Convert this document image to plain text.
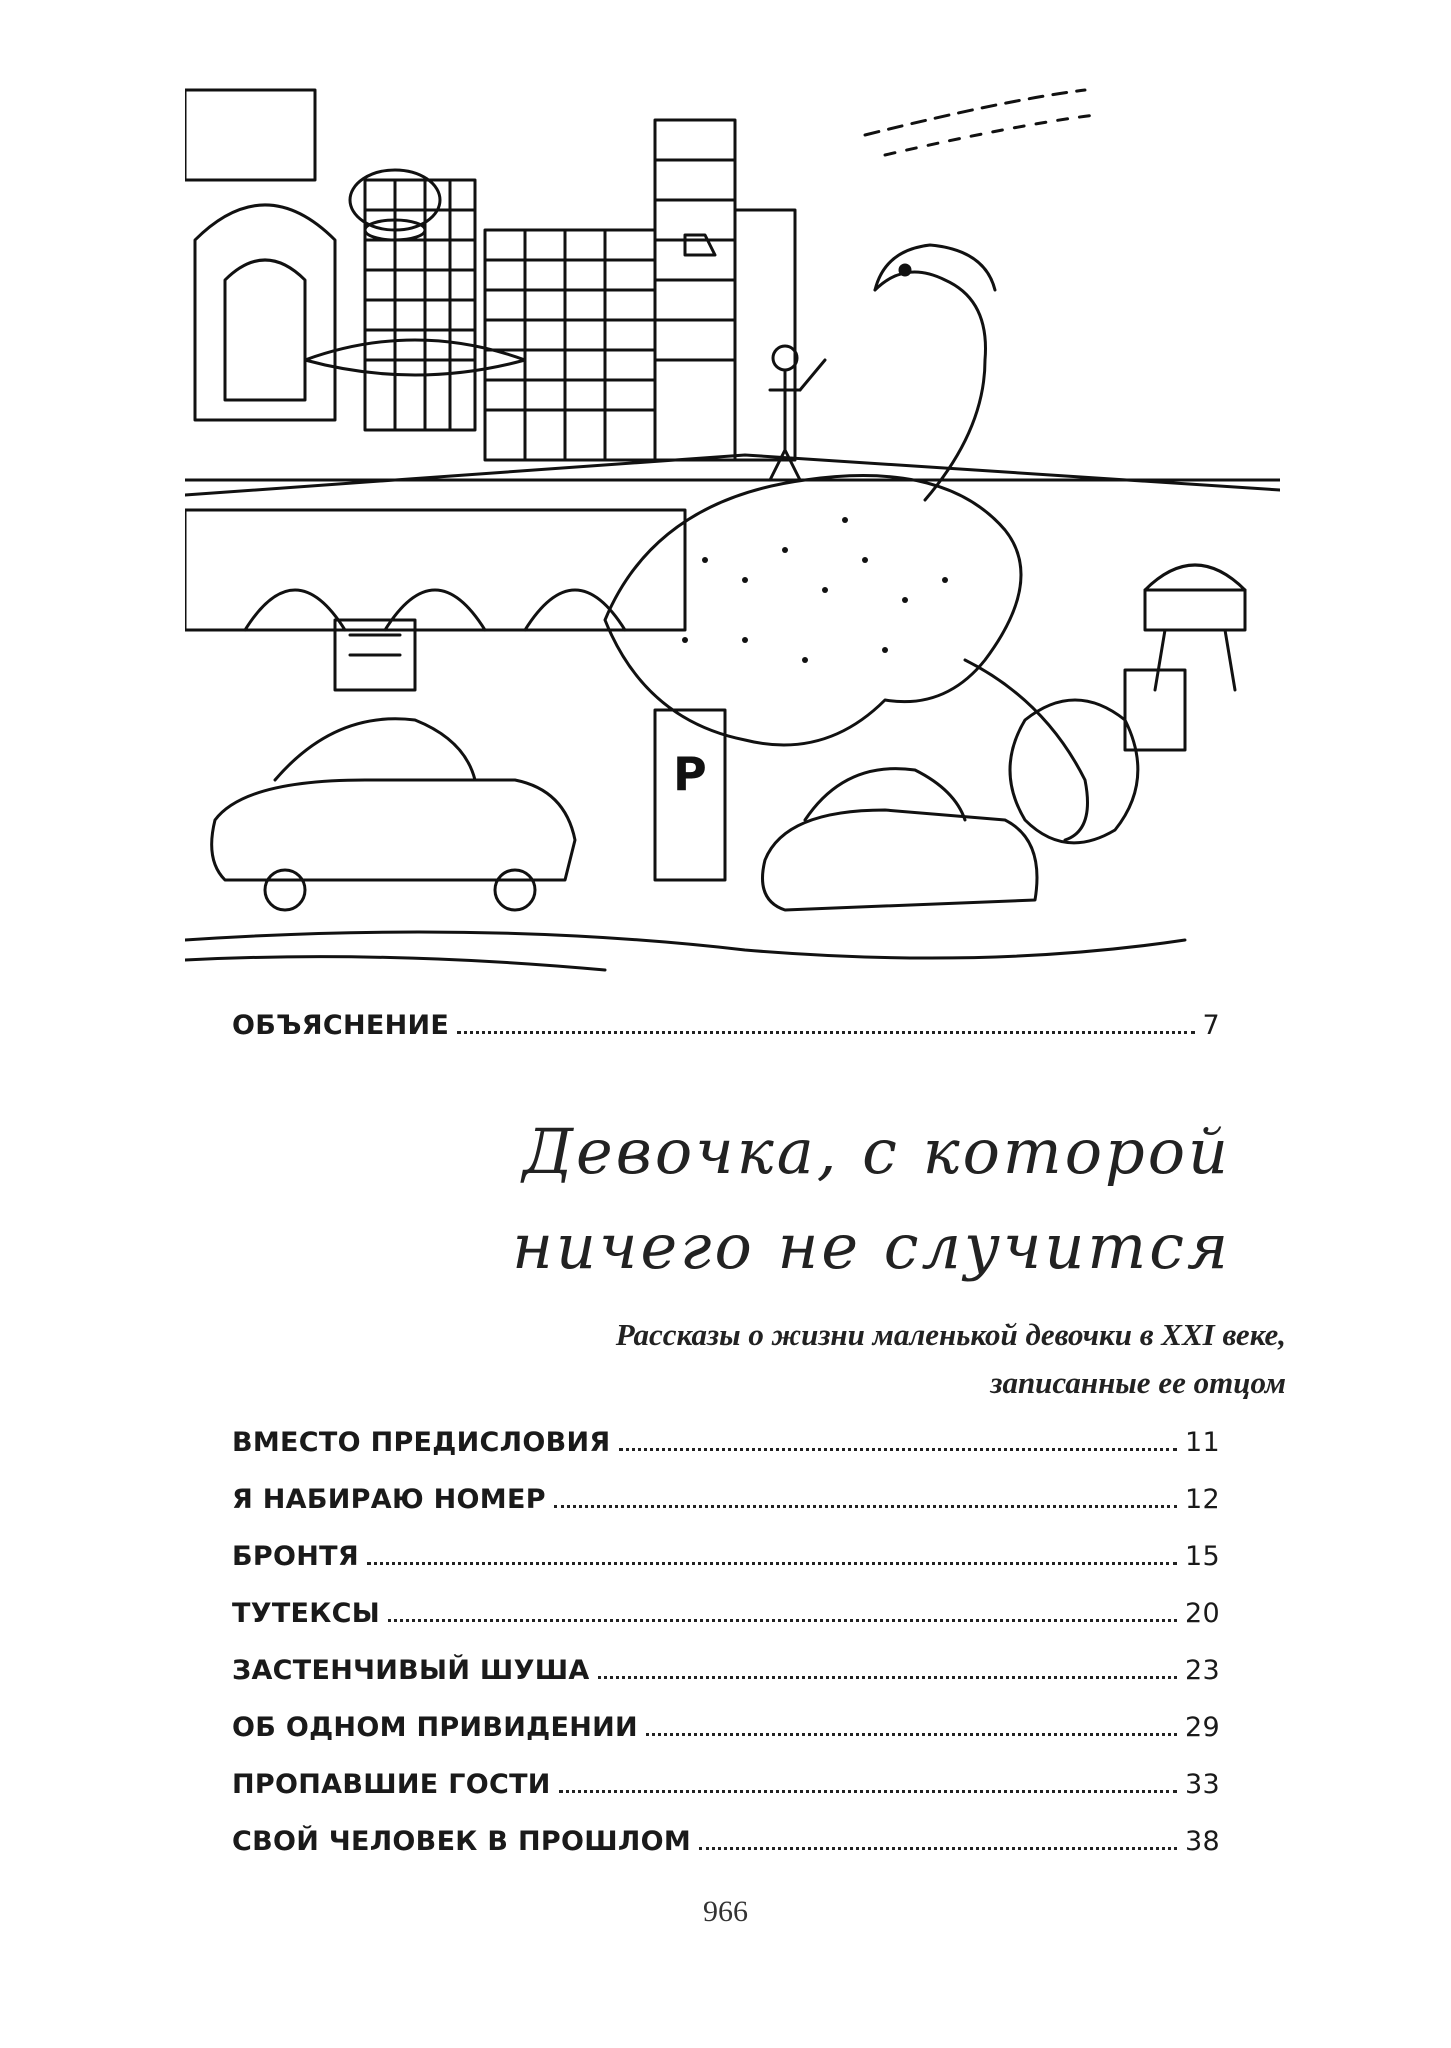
P
ОБЪЯСНЕНИЕ	7
Девочка, с которой
ничего не случится
Рассказы о жизни маленькой девочки в XXI веке,
записанные ее отцом
ВМЕСТО ПРЕДИСЛОВИЯ	11
Я НАБИРАЮ НОМЕР	12
БРОНТЯ	15
ТУТЕКСЫ	20
ЗАСТЕНЧИВЫЙ ШУША	23
ОБ ОДНОМ ПРИВИДЕНИИ	29
ПРОПАВШИЕ ГОСТИ	33
СВОЙ ЧЕЛОВЕК В ПРОШЛОМ	38
966
